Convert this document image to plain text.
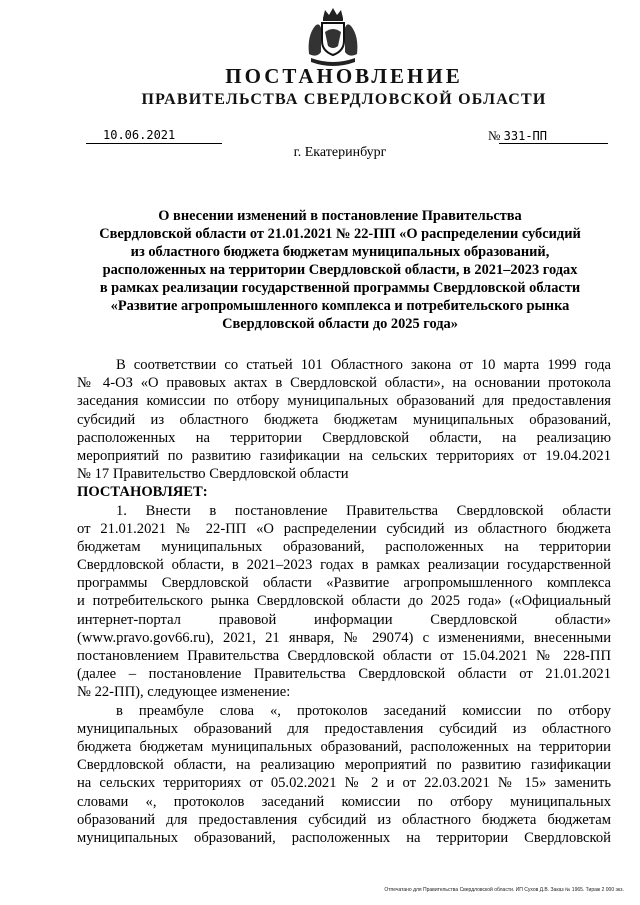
ПОСТАНОВЛЕНИЕ
ПРАВИТЕЛЬСТВА СВЕРДЛОВСКОЙ ОБЛАСТИ
10.06.2021	№ 331-ПП
г. Екатеринбург
О внесении изменений в постановление Правительства
Свердловской области от 21.01.2021 № 22-ПП «О распределении субсидий
из областного бюджета бюджетам муниципальных образований,
расположенных на территории Свердловской области, в 2021–2023 годах
в рамках реализации государственной программы Свердловской области
«Развитие агропромышленного комплекса и потребительского рынка
Свердловской области до 2025 года»
В соответствии со статьей 101 Областного закона от 10 марта 1999 года
№ 4-ОЗ «О правовых актах в Свердловской области», на основании протокола
заседания комиссии по отбору муниципальных образований для предоставления
субсидий из областного бюджета бюджетам муниципальных образований,
расположенных на территории Свердловской области, на реализацию
мероприятий по развитию газификации на сельских территориях от 19.04.2021
№ 17 Правительство Свердловской области
ПОСТАНОВЛЯЕТ:
1. Внести в постановление Правительства Свердловской области
от 21.01.2021 № 22-ПП «О распределении субсидий из областного бюджета
бюджетам муниципальных образований, расположенных на территории
Свердловской области, в 2021–2023 годах в рамках реализации государственной
программы Свердловской области «Развитие агропромышленного комплекса
и потребительского рынка Свердловской области до 2025 года» («Официальный
интернет-портал правовой информации Свердловской области»
(www.pravo.gov66.ru), 2021, 21 января, № 29074) с изменениями, внесенными
постановлением Правительства Свердловской области от 15.04.2021 № 228-ПП
(далее – постановление Правительства Свердловской области от 21.01.2021
№ 22-ПП), следующее изменение:
в преамбуле слова «, протоколов заседаний комиссии по отбору
муниципальных образований для предоставления субсидий из областного
бюджета бюджетам муниципальных образований, расположенных на территории
Свердловской области, на реализацию мероприятий по развитию газификации
на сельских территориях от 05.02.2021 № 2 и от 22.03.2021 № 15» заменить
словами «, протоколов заседаний комиссии по отбору муниципальных
образований для предоставления субсидий из областного бюджета бюджетам
муниципальных образований, расположенных на территории Свердловской
Отпечатано для Правительства Свердловской области. ИП Сухов Д.В. Заказ № 1965. Тираж 2 000 экз.
